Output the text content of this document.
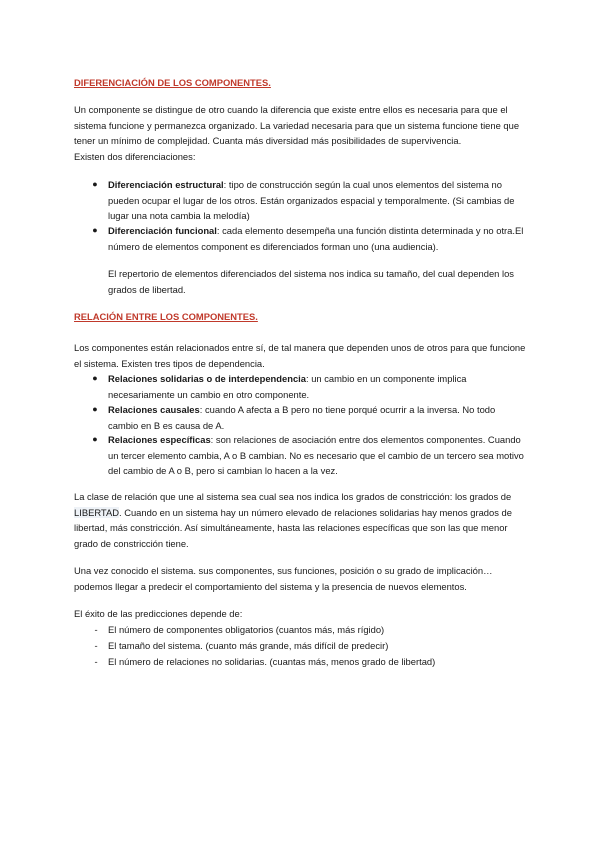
DIFERENCIACIÓN DE LOS COMPONENTES.

Un componente se distingue de otro cuando la diferencia que existe entre ellos es necesaria para que el sistema funcione y permanezca organizado. La variedad necesaria para que un sistema funcione tiene que tener un mínimo de complejidad. Cuanta más diversidad más posibilidades de supervivencia.

Existen dos diferenciaciones:

●	Diferenciación estructural: tipo de construcción según la cual unos elementos del sistema no pueden ocupar el lugar de los otros. Están organizados espacial y temporalmente. (Si cambias de lugar una nota cambia la melodía)

●	Diferenciación funcional: cada elemento desempeña una función distinta determinada y no otra.El número de elementos component es diferenciados forman uno (una audiencia).

El repertorio de elementos diferenciados del sistema nos indica su tamaño, del cual dependen los grados de libertad.

RELACIÓN ENTRE LOS COMPONENTES.

Los componentes están relacionados entre sí, de tal manera que dependen unos de otros para que funcione el sistema. Existen tres tipos de dependencia.

●	Relaciones solidarias o de interdependencia: un cambio en un componente implica necesariamente un cambio en otro componente.

●	Relaciones causales: cuando A afecta a B pero no tiene porqué ocurrir a la inversa. No todo cambio en B es causa de A.

●	Relaciones específicas: son relaciones de asociación entre dos elementos componentes. Cuando un tercer elemento cambia, A o B cambian. No es necesario que el cambio de un tercero sea motivo del cambio de A o B, pero si cambian lo hacen a la vez.

La clase de relación que une al sistema sea cual sea nos indica los grados de constricción: los grados de LIBERTAD. Cuando en un sistema hay un número elevado de relaciones solidarias hay menos grados de libertad, más constricción. Así simultáneamente, hasta las relaciones específicas que son las que menor grado de constricción tiene.

Una vez conocido el sistema. sus componentes, sus funciones, posición o su grado de implicación… podemos llegar a predecir el comportamiento del sistema y la presencia de nuevos elementos.

El éxito de las predicciones depende de:

-	El número de componentes obligatorios (cuantos más, más rígido)

-	El tamaño del sistema. (cuanto más grande, más difícil de predecir)

-	El número de relaciones no solidarias. (cuantas más, menos grado de libertad)
